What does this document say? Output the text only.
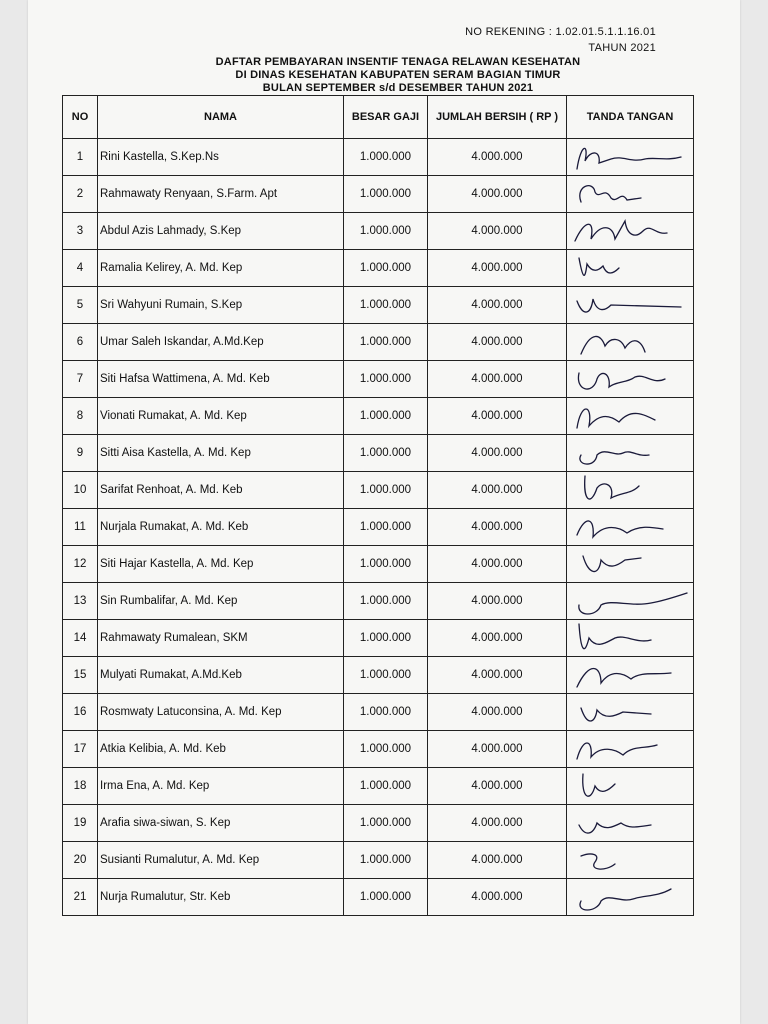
NO REKENING : 1.02.01.5.1.1.16.01
TAHUN 2021
DAFTAR PEMBAYARAN INSENTIF TENAGA RELAWAN KESEHATAN
DI DINAS KESEHATAN KABUPATEN SERAM BAGIAN TIMUR
BULAN SEPTEMBER s/d DESEMBER TAHUN 2021
NO	NAMA	BESAR GAJI	JUMLAH BERSIH ( RP )	TANDA TANGAN
1	Rini Kastella, S.Kep.Ns	1.000.000	4.000.000	

2	Rahmawaty Renyaan, S.Farm. Apt	1.000.000	4.000.000	

3	Abdul Azis Lahmady, S.Kep	1.000.000	4.000.000	

4	Ramalia Kelirey, A. Md. Kep	1.000.000	4.000.000	

5	Sri Wahyuni Rumain, S.Kep	1.000.000	4.000.000	

6	Umar Saleh Iskandar, A.Md.Kep	1.000.000	4.000.000	

7	Siti Hafsa Wattimena, A. Md. Keb	1.000.000	4.000.000	

8	Vionati Rumakat, A. Md. Kep	1.000.000	4.000.000	

9	Sitti Aisa Kastella, A. Md. Kep	1.000.000	4.000.000	

10	Sarifat Renhoat, A. Md. Keb	1.000.000	4.000.000	

11	Nurjala Rumakat, A. Md. Keb	1.000.000	4.000.000	

12	Siti Hajar Kastella, A. Md. Kep	1.000.000	4.000.000	

13	Sin Rumbalifar, A. Md. Kep	1.000.000	4.000.000	

14	Rahmawaty Rumalean, SKM	1.000.000	4.000.000	

15	Mulyati Rumakat, A.Md.Keb	1.000.000	4.000.000	

16	Rosmwaty Latuconsina, A. Md. Kep	1.000.000	4.000.000	

17	Atkia Kelibia, A. Md. Keb	1.000.000	4.000.000	

18	Irma Ena, A. Md. Kep	1.000.000	4.000.000	

19	Arafia siwa-siwan, S. Kep	1.000.000	4.000.000	

20	Susianti Rumalutur, A. Md. Kep	1.000.000	4.000.000	

21	Nurja Rumalutur, Str. Keb	1.000.000	4.000.000	
